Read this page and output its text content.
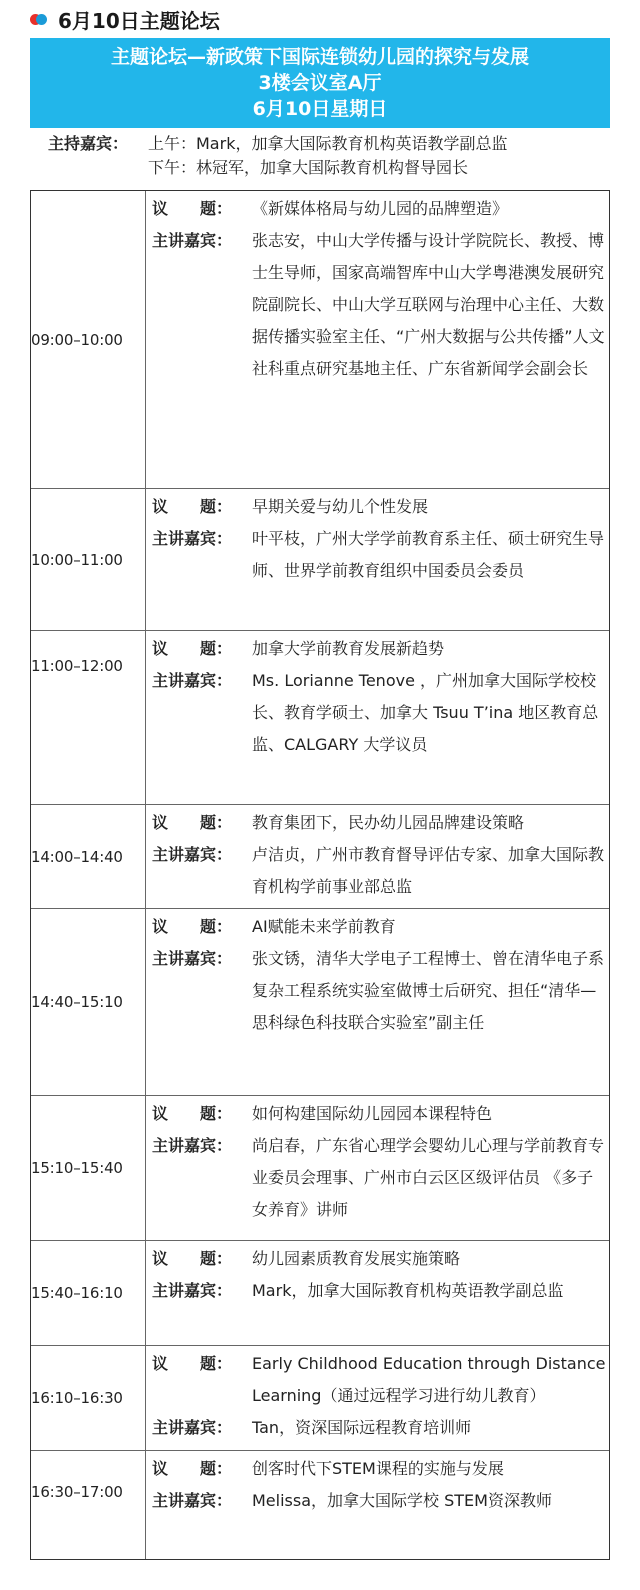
6月10日主题论坛
主题论坛—新政策下国际连锁幼儿园的探究与发展
3楼会议室A厅
6月10日星期日
主持嘉宾：	上午：Mark，加拿大国际教育机构英语教学副总监
下午：林冠军，加拿大国际教育机构督导园长
09:00–10:00
议　　题：	《新媒体格局与幼儿园的品牌塑造》
主讲嘉宾：	张志安，中山大学传播与设计学院院长、教授、博士生导师，国家高端智库中山大学粤港澳发展研究院副院长、中山大学互联网与治理中心主任、大数据传播实验室主任、“广州大数据与公共传播”人文社科重点研究基地主任、广东省新闻学会副会长
10:00–11:00
议　　题：	早期关爱与幼儿个性发展
主讲嘉宾：	叶平枝，广州大学学前教育系主任、硕士研究生导师、世界学前教育组织中国委员会委员
11:00–12:00
议　　题：	加拿大学前教育发展新趋势
主讲嘉宾：	Ms. Lorianne Tenove ，广州加拿大国际学校校长、教育学硕士、加拿大 Tsuu T’ina 地区教育总监、CALGARY 大学议员
14:00–14:40
议　　题：	教育集团下，民办幼儿园品牌建设策略
主讲嘉宾：	卢洁贞，广州市教育督导评估专家、加拿大国际教育机构学前事业部总监
14:40–15:10
议　　题：	AI赋能未来学前教育
主讲嘉宾：	张文锈，清华大学电子工程博士、曾在清华电子系复杂工程系统实验室做博士后研究、担任“清华—思科绿色科技联合实验室”副主任
15:10–15:40
议　　题：	如何构建国际幼儿园园本课程特色
主讲嘉宾：	尚启春，广东省心理学会婴幼儿心理与学前教育专业委员会理事、广州市白云区区级评估员 《多子女养育》讲师
15:40–16:10
议　　题：	幼儿园素质教育发展实施策略
主讲嘉宾：	Mark，加拿大国际教育机构英语教学副总监
16:10–16:30
议　　题：	Early Childhood Education through Distance Learning（通过远程学习进行幼儿教育）
主讲嘉宾：	Tan，资深国际远程教育培训师
16:30–17:00
议　　题：	创客时代下STEM课程的实施与发展
主讲嘉宾：	Melissa，加拿大国际学校 STEM资深教师
